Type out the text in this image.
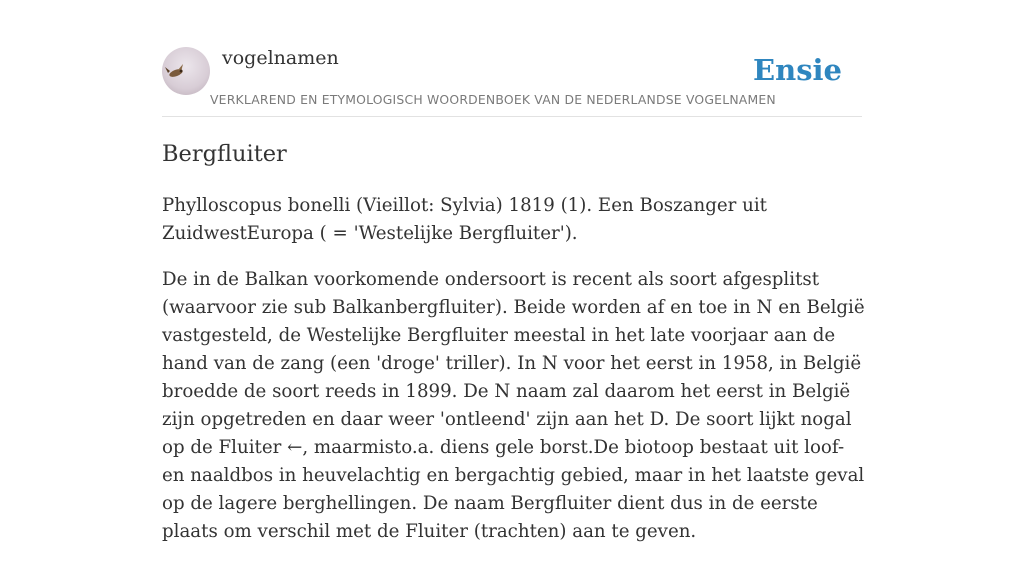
vogelnamen	Ensie
VERKLAREND EN ETYMOLOGISCH WOORDENBOEK VAN DE NEDERLANDSE VOGELNAMEN
Bergfluiter

Phylloscopus bonelli (Vieillot: Sylvia) 1819 (1). Een Boszanger uit ZuidwestEuropa ( = 'Westelijke Bergfluiter').

De in de Balkan voorkomende ondersoort is recent als soort afgesplitst (waarvoor zie sub Balkanbergfluiter). Beide worden af en toe in N en België vastgesteld, de Westelijke Bergfluiter meestal in het late voorjaar aan de hand van de zang (een 'droge' triller). In N voor het eerst in 1958, in België broedde de soort reeds in 1899. De N naam zal daarom het eerst in België zijn opgetreden en daar weer 'ontleend' zijn aan het D. De soort lijkt nogal op de Fluiter ←, maarmisto.a. diens gele borst.De biotoop bestaat uit loof- en naaldbos in heuvelachtig en bergachtig gebied, maar in het laatste geval op de lagere berghellingen. De naam Bergfluiter dient dus in de eerste plaats om verschil met de Fluiter (trachten) aan te geven.
